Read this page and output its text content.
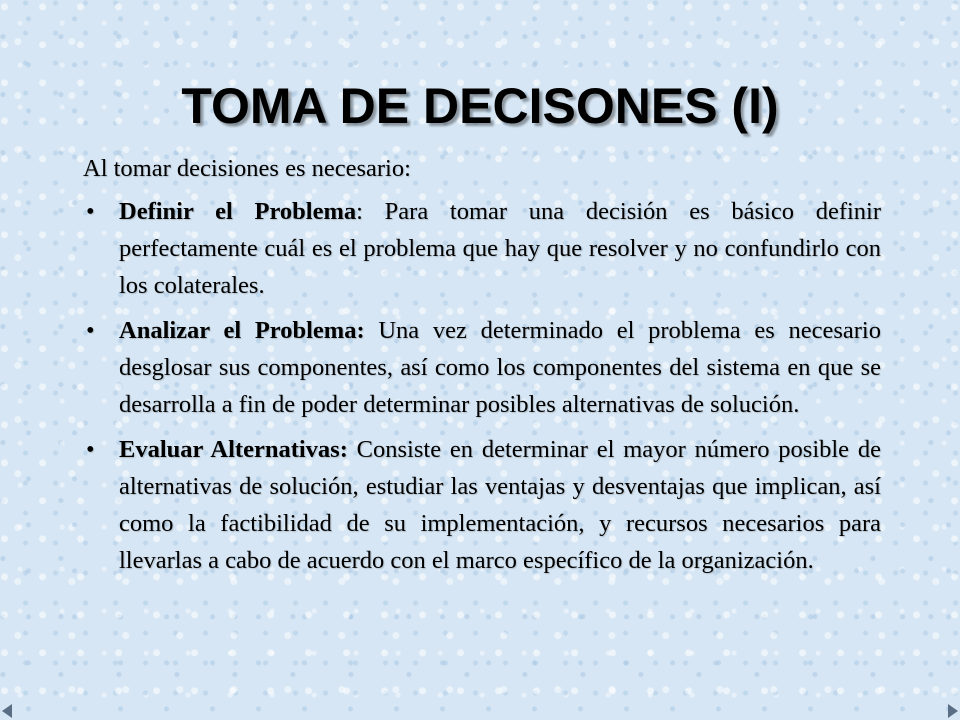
TOMA DE DECISONES (I)

Al tomar decisiones es necesario:

• Definir el Problema: Para tomar una decisión es básico definir perfectamente cuál es el problema que hay que resolver y no confundirlo con los colaterales.
• Analizar el Problema: Una vez determinado el problema es necesario desglosar sus componentes, así como los componentes del sistema en que se desarrolla a fin de poder determinar posibles alternativas de solución.
• Evaluar Alternativas: Consiste en determinar el mayor número posible de alternativas de solución, estudiar las ventajas y desventajas que implican, así como la factibilidad de su implementación, y recursos necesarios para llevarlas a cabo de acuerdo con el marco específico de la organización.
